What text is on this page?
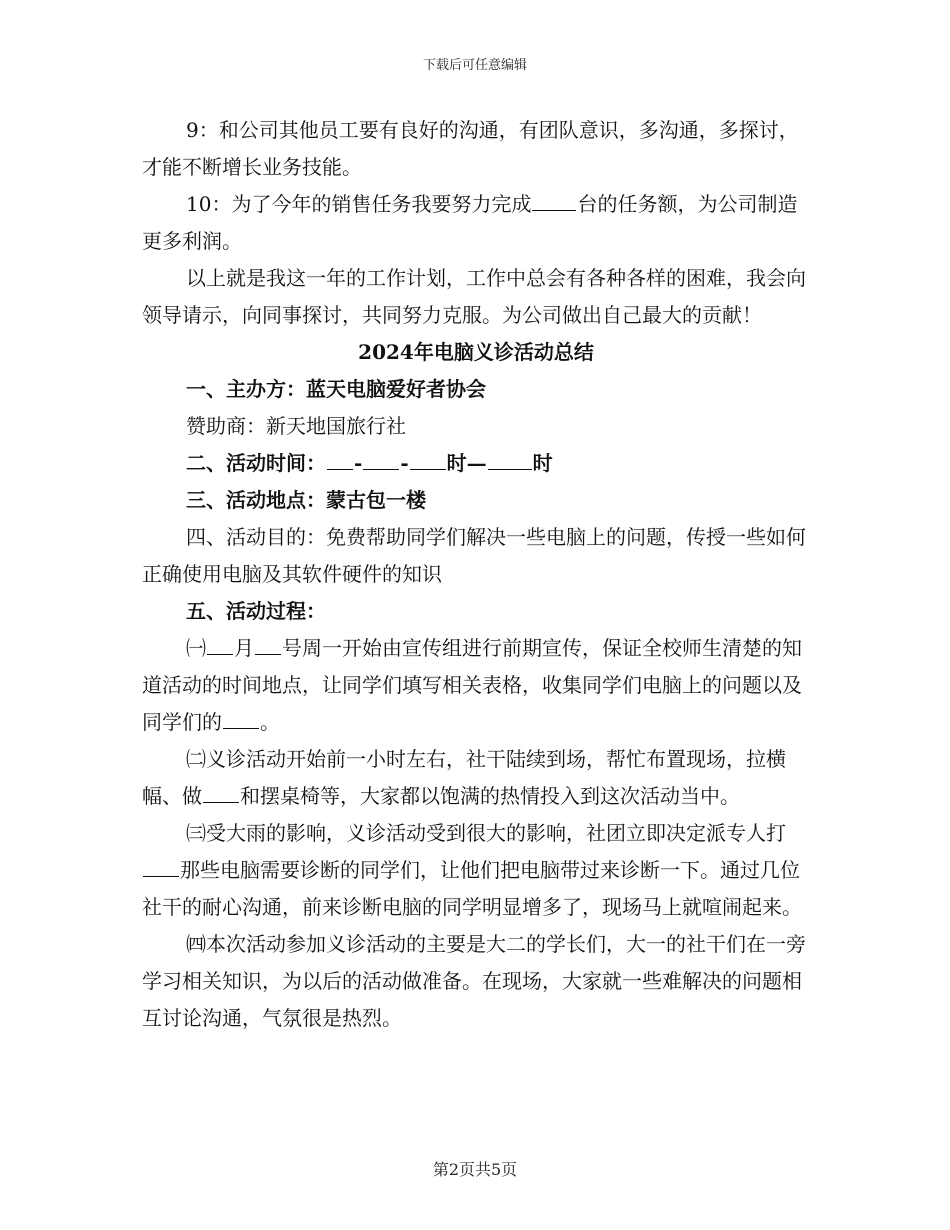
下载后可任意编辑

9：和公司其他员工要有良好的沟通，有团队意识，多沟通，多探讨，才能不断增长业务技能。

10：为了今年的销售任务我要努力完成 台的任务额，为公司制造更多利润。

以上就是我这一年的工作计划，工作中总会有各种各样的困难，我会向领导请示，向同事探讨，共同努力克服。为公司做出自己最大的贡献！

2024年电脑义诊活动总结

一、主办方：蓝天电脑爱好者协会

赞助商：新天地国旅行社

二、活动时间： - - 时— 时

三、活动地点：蒙古包一楼

四、活动目的：免费帮助同学们解决一些电脑上的问题，传授一些如何正确使用电脑及其软件硬件的知识

五、活动过程：

㈠ 月 号周一开始由宣传组进行前期宣传，保证全校师生清楚的知道活动的时间地点，让同学们填写相关表格，收集同学们电脑上的问题以及同学们的 。

㈡义诊活动开始前一小时左右，社干陆续到场，帮忙布置现场，拉横幅、做 和摆桌椅等，大家都以饱满的热情投入到这次活动当中。

㈢受大雨的影响，义诊活动受到很大的影响，社团立即决定派专人打那些电脑需要诊断的同学们，让他们把电脑带过来诊断一下。通过几位社干的耐心沟通，前来诊断电脑的同学明显增多了，现场马上就喧闹起来。

㈣本次活动参加义诊活动的主要是大二的学长们，大一的社干们在一旁学习相关知识，为以后的活动做准备。在现场，大家就一些难解决的问题相互讨论沟通，气氛很是热烈。

第2页共5页
